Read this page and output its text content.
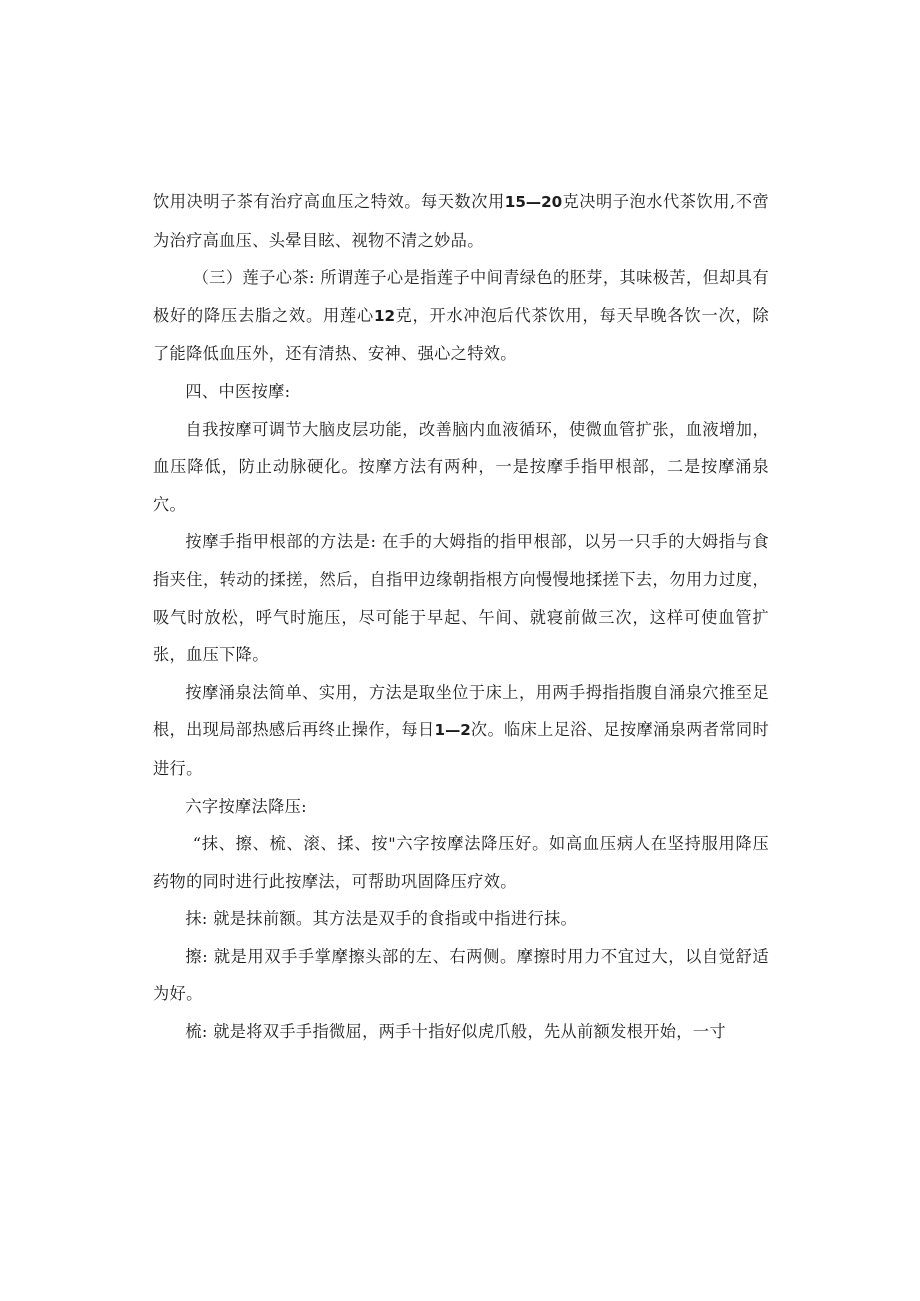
饮用决明子茶有治疗高血压之特效。每天数次用15—20克决明子泡水代茶饮用,不啻为治疗高血压、头晕目眩、视物不清之妙品。

（三）莲子心茶: 所谓莲子心是指莲子中间青绿色的胚芽，其味极苦，但却具有极好的降压去脂之效。用莲心12克，开水冲泡后代茶饮用，每天早晚各饮一次，除了能降低血压外，还有清热、安神、强心之特效。

四、中医按摩:

自我按摩可调节大脑皮层功能，改善脑内血液循环，使微血管扩张，血液增加，血压降低，防止动脉硬化。按摩方法有两种，一是按摩手指甲根部，二是按摩涌泉穴。

按摩手指甲根部的方法是: 在手的大姆指的指甲根部，以另一只手的大姆指与食指夹住，转动的揉搓，然后，自指甲边缘朝指根方向慢慢地揉搓下去，勿用力过度，吸气时放松，呼气时施压，尽可能于早起、午间、就寝前做三次，这样可使血管扩张，血压下降。

按摩涌泉法简单、实用，方法是取坐位于床上，用两手拇指指腹自涌泉穴推至足根，出现局部热感后再终止操作，每日1—2次。临床上足浴、足按摩涌泉两者常同时进行。

六字按摩法降压:

“抹、擦、梳、滚、揉、按"六字按摩法降压好。如高血压病人在坚持服用降压药物的同时进行此按摩法，可帮助巩固降压疗效。

抹: 就是抹前额。其方法是双手的食指或中指进行抹。

擦: 就是用双手手掌摩擦头部的左、右两侧。摩擦时用力不宜过大，以自觉舒适为好。

梳: 就是将双手手指微屈，两手十指好似虎爪般，先从前额发根开始，一寸
